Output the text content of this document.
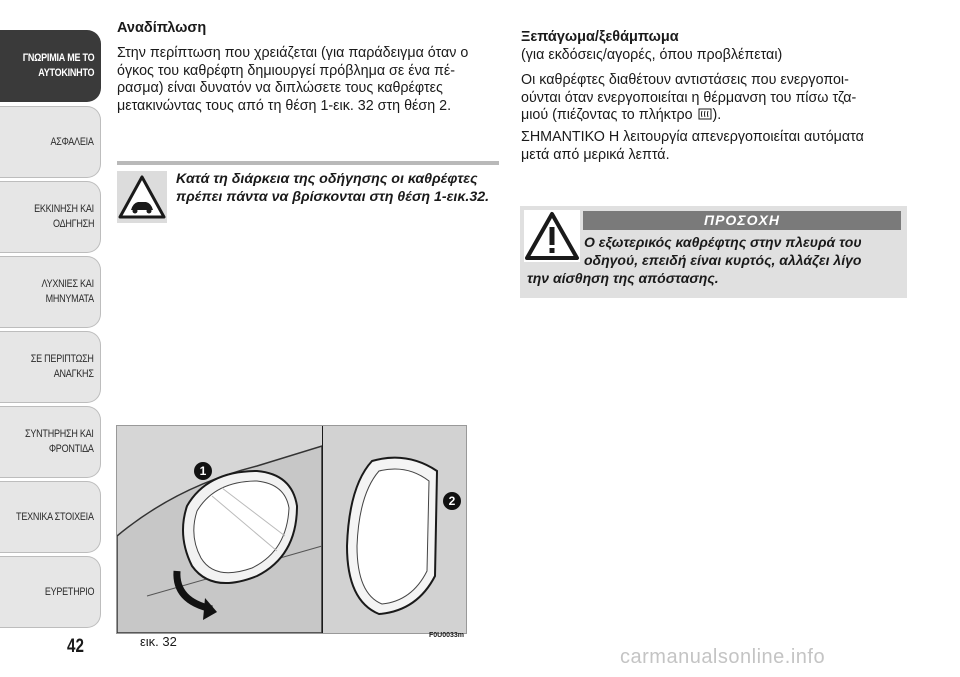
ΓΝΩΡΙΜΙΑ ΜΕ ΤΟ
ΑΥΤΟΚΙΝΗΤΟ
ΑΣΦΑΛΕΙΑ
ΕΚΚΙΝΗΣΗ ΚΑΙ
ΟΔΗΓΗΣΗ
ΛΥΧΝΙΕΣ ΚΑΙ
ΜΗΝΥΜΑΤΑ
ΣΕ ΠΕΡΙΠΤΩΣΗ
ΑΝΑΓΚΗΣ
ΣΥΝΤΗΡΗΣΗ ΚΑΙ
ΦΡΟΝΤΙΔΑ
ΤΕΧΝΙΚΑ ΣΤΟΙΧΕΙΑ
ΕΥΡΕΤΗΡΙΟ
42
Αναδίπλωση
Στην περίπτωση που χρειάζεται (για παράδειγμα όταν ο
όγκος του καθρέφτη δημιουργεί πρόβλημα σε ένα πέ-
ρασμα) είναι δυνατόν να διπλώσετε τους καθρέφτες
μετακινώντας τους από τη θέση 1-εικ. 32 στη θέση 2.
Κατά τη διάρκεια της οδήγησης οι καθρέφτες
πρέπει πάντα να βρίσκονται στη θέση 1-εικ.32.
1
2
εικ. 32	F0U0033m
Ξεπάγωμα/ξεθάμπωμα
(για εκδόσεις/αγορές, όπου προβλέπεται)
Οι καθρέφτες διαθέτουν αντιστάσεις που ενεργοποι-
ούνται όταν ενεργοποιείται η θέρμανση του πίσω τζα-
μιού (πιέζοντας το πλήκτρο ).
ΣΗΜΑΝΤΙΚΟ Η λειτουργία απενεργοποιείται αυτόματα
μετά από μερικά λεπτά.
ΠΡΟΣΟΧΗ
Ο εξωτερικός καθρέφτης στην πλευρά του
οδηγού, επειδή είναι κυρτός, αλλάζει λίγο
την αίσθηση της απόστασης.
carmanualsonline.info
